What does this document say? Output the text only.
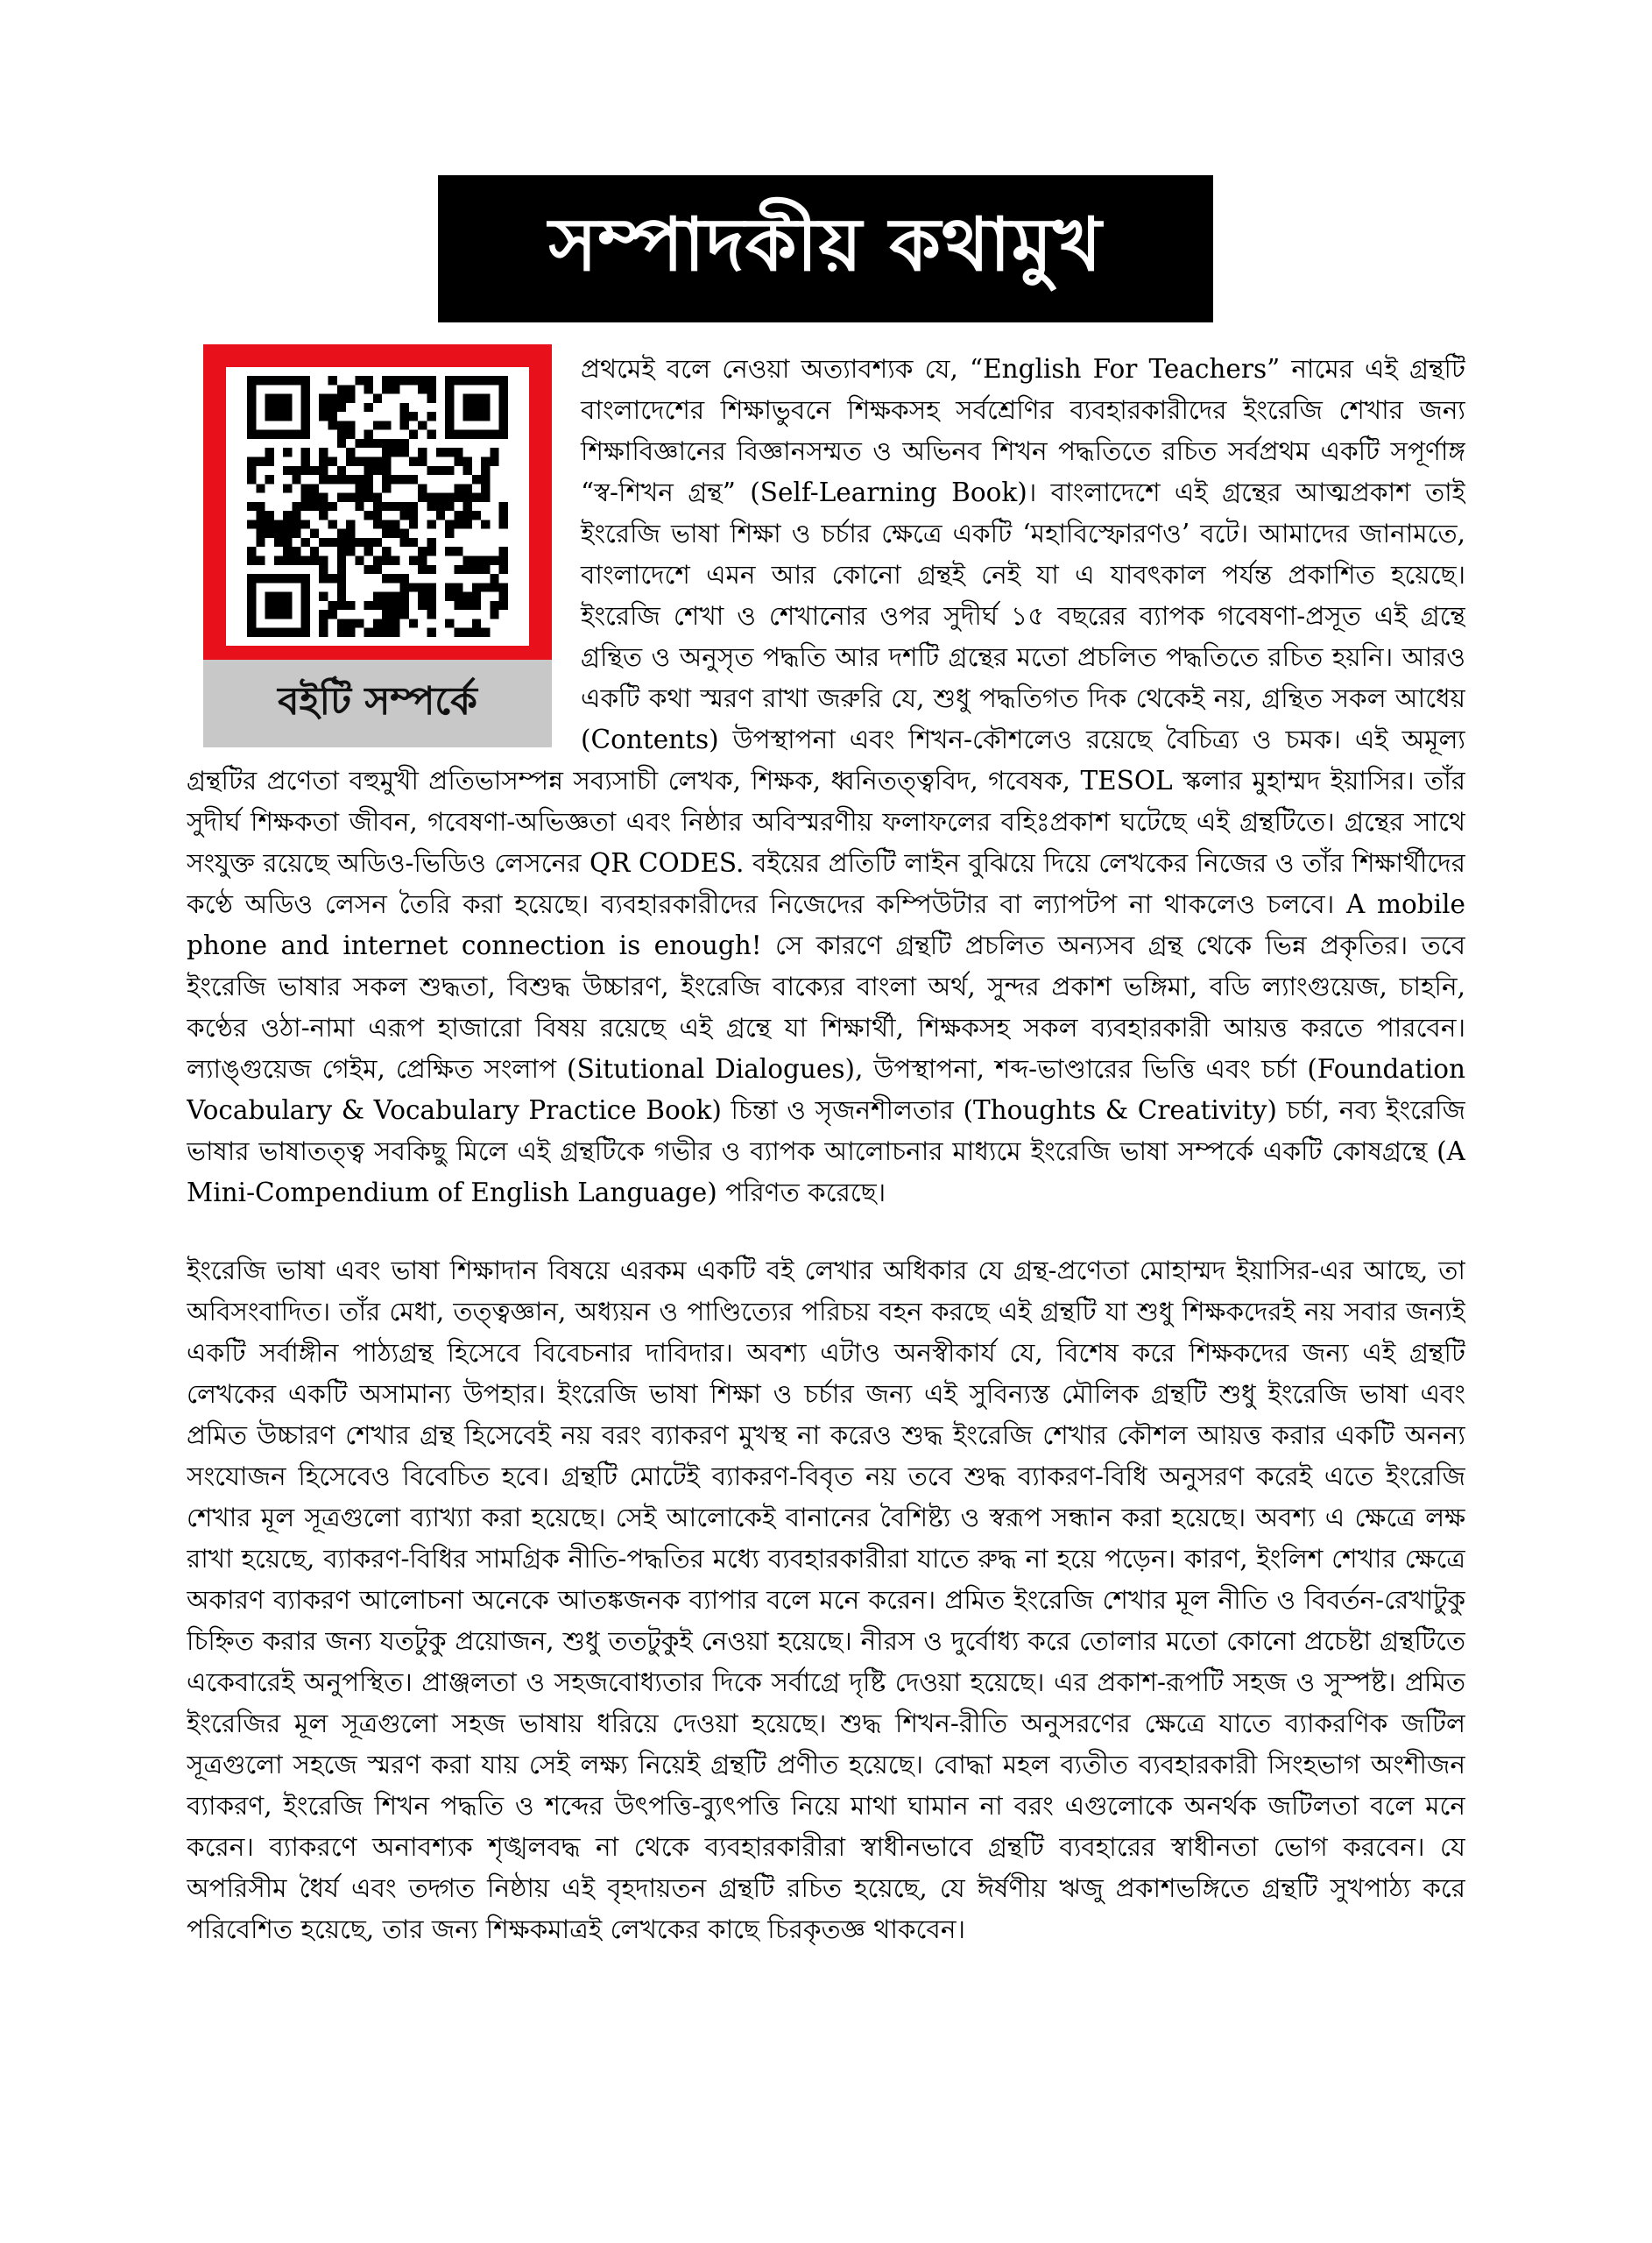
সম্পাদকীয় কথামুখ
বইটি সম্পর্কে

প্রথমেই বলে নেওয়া অত্যাবশ্যক যে, “English For Teachers” নামের এই গ্রন্থটি বাংলাদেশের শিক্ষাভুবনে শিক্ষকসহ সর্বশ্রেণির ব্যবহারকারীদের ইংরেজি শেখার জন্য শিক্ষাবিজ্ঞানের বিজ্ঞানসম্মত ও অভিনব শিখন পদ্ধতিতে রচিত সর্বপ্রথম একটি সপূর্ণাঙ্গ “স্ব-শিখন গ্রন্থ” (Self-Learning Book)। বাংলাদেশে এই গ্রন্থের আত্মপ্রকাশ তাই ইংরেজি ভাষা শিক্ষা ও চর্চার ক্ষেত্রে একটি ‘মহাবিস্ফোরণও’ বটে। আমাদের জানামতে, বাংলাদেশে এমন আর কোনো গ্রন্থই নেই যা এ যাবৎকাল পর্যন্ত প্রকাশিত হয়েছে। ইংরেজি শেখা ও শেখানোর ওপর সুদীর্ঘ ১৫ বছরের ব্যাপক গবেষণা-প্রসূত এই গ্রন্থে গ্রন্থিত ও অনুসৃত পদ্ধতি আর দশটি গ্রন্থের মতো প্রচলিত পদ্ধতিতে রচিত হয়নি। আরও একটি কথা স্মরণ রাখা জরুরি যে, শুধু পদ্ধতিগত দিক থেকেই নয়, গ্রন্থিত সকল আধেয় (Contents) উপস্থাপনা এবং শিখন-কৌশলেও রয়েছে বৈচিত্র্য ও চমক। এই অমূল্য গ্রন্থটির প্রণেতা বহুমুখী প্রতিভাসম্পন্ন সব্যসাচী লেখক, শিক্ষক, ধ্বনিতত্ত্ববিদ, গবেষক, TESOL স্কলার মুহাম্মদ ইয়াসির। তাঁর সুদীর্ঘ শিক্ষকতা জীবন, গবেষণা-অভিজ্ঞতা এবং নিষ্ঠার অবিস্মরণীয় ফলাফলের বহিঃপ্রকাশ ঘটেছে এই গ্রন্থটিতে। গ্রন্থের সাথে সংযুক্ত রয়েছে অডিও-ভিডিও লেসনের QR CODES. বইয়ের প্রতিটি লাইন বুঝিয়ে দিয়ে লেখকের নিজের ও তাঁর শিক্ষার্থীদের কণ্ঠে অডিও লেসন তৈরি করা হয়েছে। ব্যবহারকারীদের নিজেদের কম্পিউটার বা ল্যাপটপ না থাকলেও চলবে। A mobile phone and internet connection is enough! সে কারণে গ্রন্থটি প্রচলিত অন্যসব গ্রন্থ থেকে ভিন্ন প্রকৃতির। তবে ইংরেজি ভাষার সকল শুদ্ধতা, বিশুদ্ধ উচ্চারণ, ইংরেজি বাক্যের বাংলা অর্থ, সুন্দর প্রকাশ ভঙ্গিমা, বডি ল্যাংগুয়েজ, চাহনি, কণ্ঠের ওঠা-নামা এরূপ হাজারো বিষয় রয়েছে এই গ্রন্থে যা শিক্ষার্থী, শিক্ষকসহ সকল ব্যবহারকারী আয়ত্ত করতে পারবেন। ল্যাঙ্গুয়েজ গেইম, প্রেক্ষিত সংলাপ (Situtional Dialogues), উপস্থাপনা, শব্দ-ভাণ্ডারের ভিত্তি এবং চর্চা (Foundation Vocabulary & Vocabulary Practice Book) চিন্তা ও সৃজনশীলতার (Thoughts & Creativity) চর্চা, নব্য ইংরেজি ভাষার ভাষাতত্ত্ব সবকিছু মিলে এই গ্রন্থটিকে গভীর ও ব্যাপক আলোচনার মাধ্যমে ইংরেজি ভাষা সম্পর্কে একটি কোষগ্রন্থে (A Mini-Compendium of English Language) পরিণত করেছে।

ইংরেজি ভাষা এবং ভাষা শিক্ষাদান বিষয়ে এরকম একটি বই লেখার অধিকার যে গ্রন্থ-প্রণেতা মোহাম্মদ ইয়াসির-এর আছে, তা অবিসংবাদিত। তাঁর মেধা, তত্ত্বজ্ঞান, অধ্যয়ন ও পাণ্ডিত্যের পরিচয় বহন করছে এই গ্রন্থটি যা শুধু শিক্ষকদেরই নয় সবার জন্যই একটি সর্বাঙ্গীন পাঠ্যগ্রন্থ হিসেবে বিবেচনার দাবিদার। অবশ্য এটাও অনস্বীকার্য যে, বিশেষ করে শিক্ষকদের জন্য এই গ্রন্থটি লেখকের একটি অসামান্য উপহার। ইংরেজি ভাষা শিক্ষা ও চর্চার জন্য এই সুবিন্যস্ত মৌলিক গ্রন্থটি শুধু ইংরেজি ভাষা এবং প্রমিত উচ্চারণ শেখার গ্রন্থ হিসেবেই নয় বরং ব্যাকরণ মুখস্থ না করেও শুদ্ধ ইংরেজি শেখার কৌশল আয়ত্ত করার একটি অনন্য সংযোজন হিসেবেও বিবেচিত হবে। গ্রন্থটি মোটেই ব্যাকরণ-বিবৃত নয় তবে শুদ্ধ ব্যাকরণ-বিধি অনুসরণ করেই এতে ইংরেজি শেখার মূল সূত্রগুলো ব্যাখ্যা করা হয়েছে। সেই আলোকেই বানানের বৈশিষ্ট্য ও স্বরূপ সন্ধান করা হয়েছে। অবশ্য এ ক্ষেত্রে লক্ষ রাখা হয়েছে, ব্যাকরণ-বিধির সামগ্রিক নীতি-পদ্ধতির মধ্যে ব্যবহারকারীরা যাতে রুদ্ধ না হয়ে পড়েন। কারণ, ইংলিশ শেখার ক্ষেত্রে অকারণ ব্যাকরণ আলোচনা অনেকে আতঙ্কজনক ব্যাপার বলে মনে করেন। প্রমিত ইংরেজি শেখার মূল নীতি ও বিবর্তন-রেখাটুকু চিহ্নিত করার জন্য যতটুকু প্রয়োজন, শুধু ততটুকুই নেওয়া হয়েছে। নীরস ও দুর্বোধ্য করে তোলার মতো কোনো প্রচেষ্টা গ্রন্থটিতে একেবারেই অনুপস্থিত। প্রাঞ্জলতা ও সহজবোধ্যতার দিকে সর্বাগ্রে দৃষ্টি দেওয়া হয়েছে। এর প্রকাশ-রূপটি সহজ ও সুস্পষ্ট। প্রমিত ইংরেজির মূল সূত্রগুলো সহজ ভাষায় ধরিয়ে দেওয়া হয়েছে। শুদ্ধ শিখন-রীতি অনুসরণের ক্ষেত্রে যাতে ব্যাকরণিক জটিল সূত্রগুলো সহজে স্মরণ করা যায় সেই লক্ষ্য নিয়েই গ্রন্থটি প্রণীত হয়েছে। বোদ্ধা মহল ব্যতীত ব্যবহারকারী সিংহভাগ অংশীজন ব্যাকরণ, ইংরেজি শিখন পদ্ধতি ও শব্দের উৎপত্তি-ব্যুৎপত্তি নিয়ে মাথা ঘামান না বরং এগুলোকে অনর্থক জটিলতা বলে মনে করেন। ব্যাকরণে অনাবশ্যক শৃঙ্খলবদ্ধ না থেকে ব্যবহারকারীরা স্বাধীনভাবে গ্রন্থটি ব্যবহারের স্বাধীনতা ভোগ করবেন। যে অপরিসীম ধৈর্য এবং তদ্গত নিষ্ঠায় এই বৃহদায়তন গ্রন্থটি রচিত হয়েছে, যে ঈর্ষণীয় ঋজু প্রকাশভঙ্গিতে গ্রন্থটি সুখপাঠ্য করে পরিবেশিত হয়েছে, তার জন্য শিক্ষকমাত্রই লেখকের কাছে চিরকৃতজ্ঞ থাকবেন।
